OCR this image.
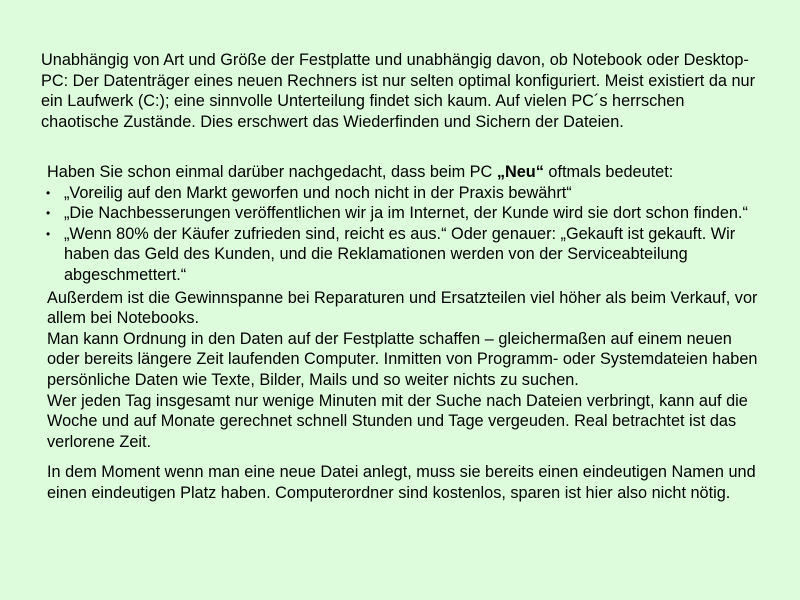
Unabhängig von Art und Größe der Festplatte und unabhängig davon, ob Notebook oder Desktop-PC: Der Datenträger eines neuen Rechners ist nur selten optimal konfiguriert. Meist existiert da nur ein Laufwerk (C:); eine sinnvolle Unterteilung findet sich kaum. Auf vielen PC´s herrschen chaotische Zustände. Dies erschwert das Wiederfinden und Sichern der Dateien.

Haben Sie schon einmal darüber nachgedacht, dass beim PC „Neu“ oftmals bedeutet:

• „Voreilig auf den Markt geworfen und noch nicht in der Praxis bewährt“
• „Die Nachbesserungen veröffentlichen wir ja im Internet, der Kunde wird sie dort schon finden.“
• „Wenn 80% der Käufer zufrieden sind, reicht es aus.“ Oder genauer: „Gekauft ist gekauft. Wir haben das Geld des Kunden, und die Reklamationen werden von der Serviceabteilung abgeschmettert.“

Außerdem ist die Gewinnspanne bei Reparaturen und Ersatzteilen viel höher als beim Verkauf, vor allem bei Notebooks.

Man kann Ordnung in den Daten auf der Festplatte schaffen – gleichermaßen auf einem neuen oder bereits längere Zeit laufenden Computer. Inmitten von Programm- oder Systemdateien haben persönliche Daten wie Texte, Bilder, Mails und so weiter nichts zu suchen.

Wer jeden Tag insgesamt nur wenige Minuten mit der Suche nach Dateien verbringt, kann auf die Woche und auf Monate gerechnet schnell Stunden und Tage vergeuden. Real betrachtet ist das verlorene Zeit.

In dem Moment wenn man eine neue Datei anlegt, muss sie bereits einen eindeutigen Namen und einen eindeutigen Platz haben. Computerordner sind kostenlos, sparen ist hier also nicht nötig.
